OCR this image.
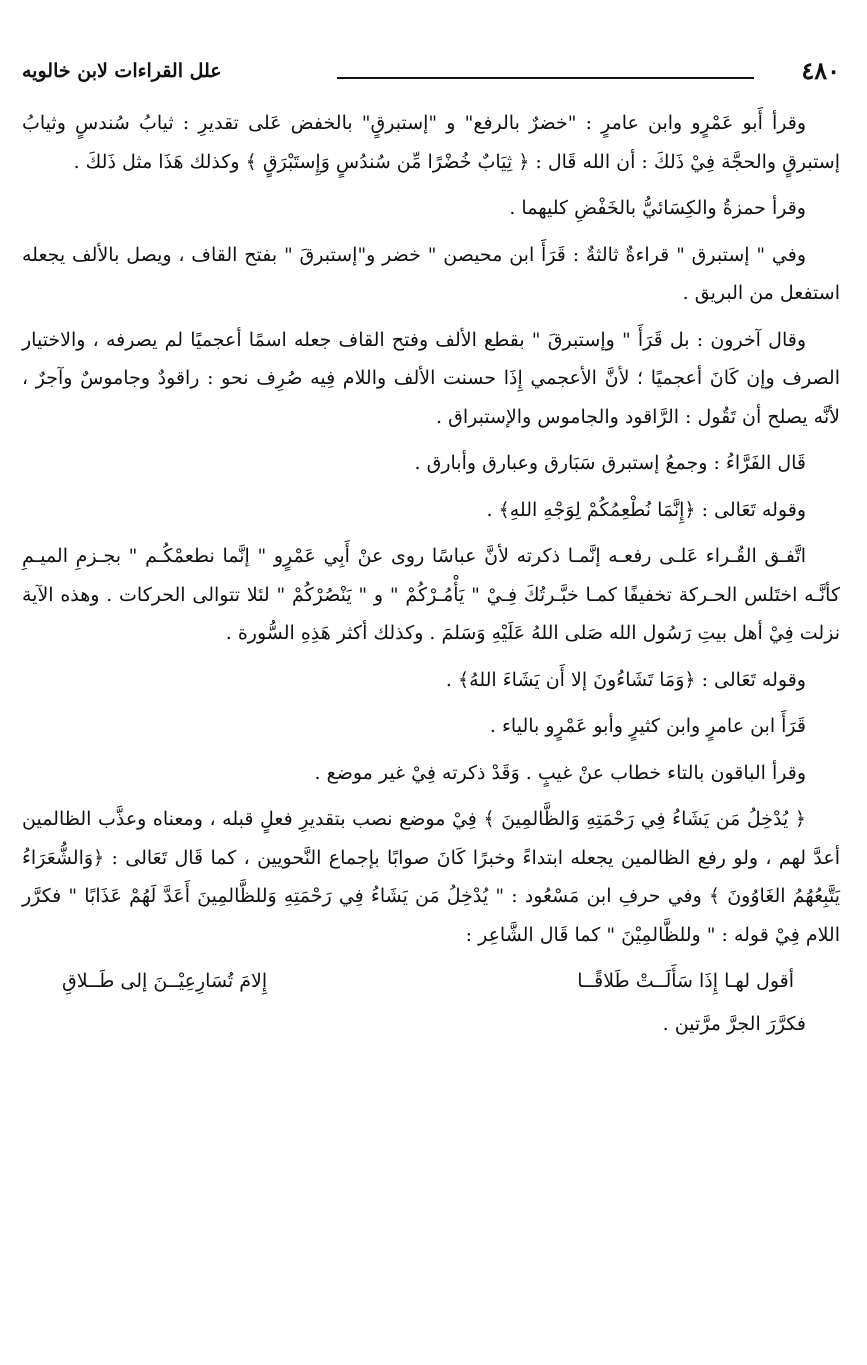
٤٨٠
علل القراءات لابن خالويه

وقرأ أَبو عَمْرٍو وابن عامرٍ : "خضرٌ بالرفع" و "إستبرقٍ" بالخفض عَلى تقديرِ : ثيابُ سُندسٍ وثيابُ إستبرقٍ والحجَّة فِيْ ذَلكَ : أن الله قَال : ﴿ ثِيَابٌ خُضْرًا مِّن سُندُسٍ وَإِستَبْرَقٍ ﴾ وكذلك هَذَا مثل ذَلكَ .

وقرأ حمزةُ والكِسَائيُّ بالخَفْضِ كليهما .

وفي " إستبرق " قراءةٌ ثالثةٌ : قَرَأَ ابن محيصن " خضر و"إستبرقَ " بفتح القاف ، ويصل بالألف يجعله استفعل من البريق .

وقال آخرون : بل قَرَأَ " وإستبرقَ " بقطع الألف وفتح القاف جعله اسمًا أعجميًا لم يصرفه ، والاختيار الصرف وإن كَانَ أعجميًا ؛ لأنَّ الأعجمي إِذَا حسنت الألف واللام فِيه صُرِف نحو : راقودٌ وجاموسٌ وآجرٌ ، لأنَّه يصلح أن تَقُول : الرَّاقود والجاموس والإستبراق .

قَال الفَرَّاءُ : وجمعُ إستبرق سَبَارق وعبارق وأبارق .

وقوله تَعَالى : ﴿إِنَّمَا نُطْعِمُكُمْ لِوَجْهِ اللهِ﴾ .

اتَّفـق القُـراء عَلـى رفعـه إنَّمـا ذكرته لأنَّ عباسًا روى عنْ أَبِي عَمْرٍو " إنَّما نطعمْكُـم " بجـزمِ الميـمِ كأنَّـه اختَلس الحـركة تخفيفًا كمـا خبَّـرتُكَ فِـيْ " يَأْمُـرْكُمْ " و " يَنْصُرْكُمْ " لئلا تتوالى الحركات . وهذه الآية نزلت فِيْ أهل بيتِ رَسُول الله صَلى اللهُ عَلَيْهِ وَسَلمَ . وكذلك أكثر هَذِهِ السُّورة .

وقوله تَعَالى : ﴿وَمَا تَشَاءُونَ إلا أَن يَشَاءَ اللهُ﴾ .

قَرَأَ ابن عامرٍ وابن كثيرٍ وأبو عَمْرٍو بالياء .

وقرأ الباقون بالتاء خطاب عنْ غيبٍ . وَقَدْ ذكرته فِيْ غير موضع .

﴿ يُدْخِلُ مَن يَشَاءُ فِي رَحْمَتِهِ وَالظَّالمِينَ ﴾ فِيْ موضع نصب بتقديرِ فعلٍ قبله ، ومعناه وعذَّب الظالمين أعدَّ لهم ، ولو رفع الظالمين يجعله ابتداءً وخبرًا كَانَ صوابًا بإجماع النَّحويين ، كما قَال تَعَالى : ﴿وَالشُّعَرَاءُ يَتَّبِعُهُمُ الغَاوُونَ ﴾ وفي حرفِ ابن مَسْعُود : " يُدْخِلُ مَن يَشَاءُ فِي رَحْمَتِهِ وَللظَّالمِينَ أَعَدَّ لَهُمْ عَذَابًا " فكرَّر اللام فِيْ قوله : " وللظَّالمِيْنَ " كما قَال الشَّاعِر :

أقول لهـا إِذَا سَأَلَــتْ طَلاقًــا
إِلامَ تُسَارِعِيْــنَ إلى طَــلاقِ

فكرَّرَ الجرَّ مرَّتين .
